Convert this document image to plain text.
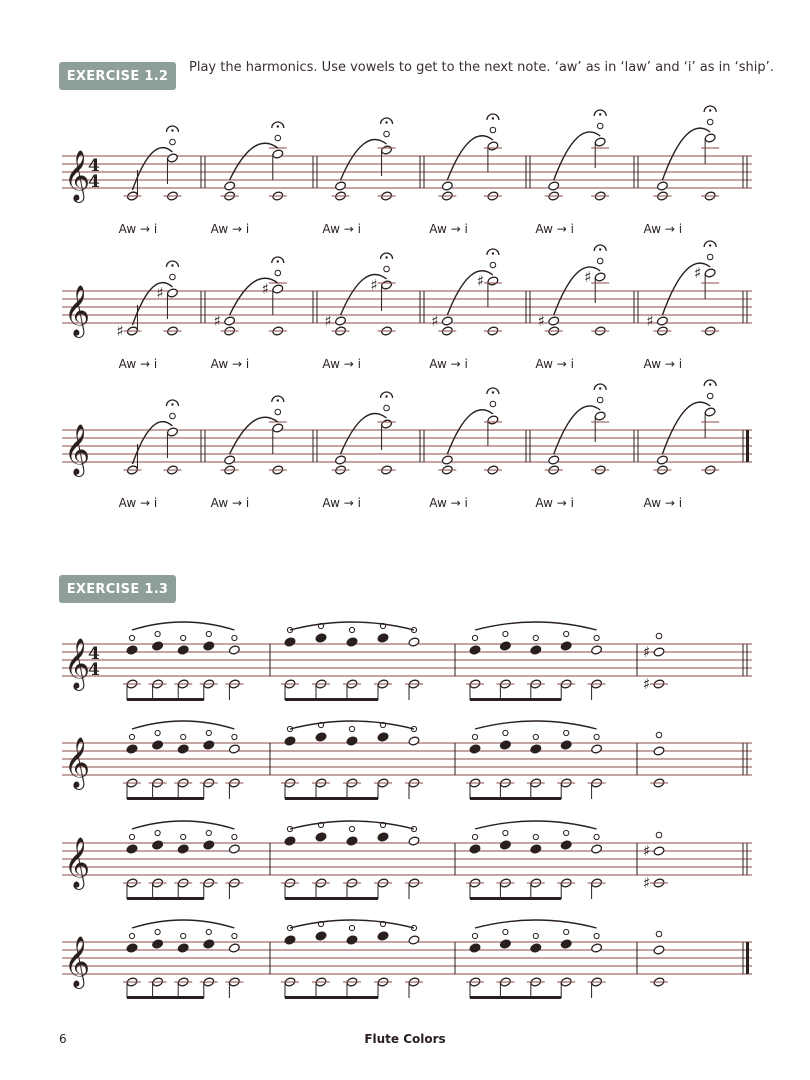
EXERCISE 1.2
Play the harmonics. Use vowels to get to the next note. ‘aw’ as in ‘law’ and ‘i’ as in ‘ship’.
EXERCISE 1.3
𝄞
4
4
Aw → i	Aw → i	Aw → i	Aw → i	Aw → i	Aw → i
𝄞 ♯
♯
Aw → i
♯
♯
Aw → i
♯
♯
Aw → i
♯
♯
Aw → i
♯
♯
Aw → i
♯
♯
Aw → i
𝄞
Aw → i	Aw → i	Aw → i	Aw → i	Aw → i	Aw → i
𝄞
4
4
♯
♯
𝄞
𝄞	♯
♯
𝄞
6	Flute Colors
